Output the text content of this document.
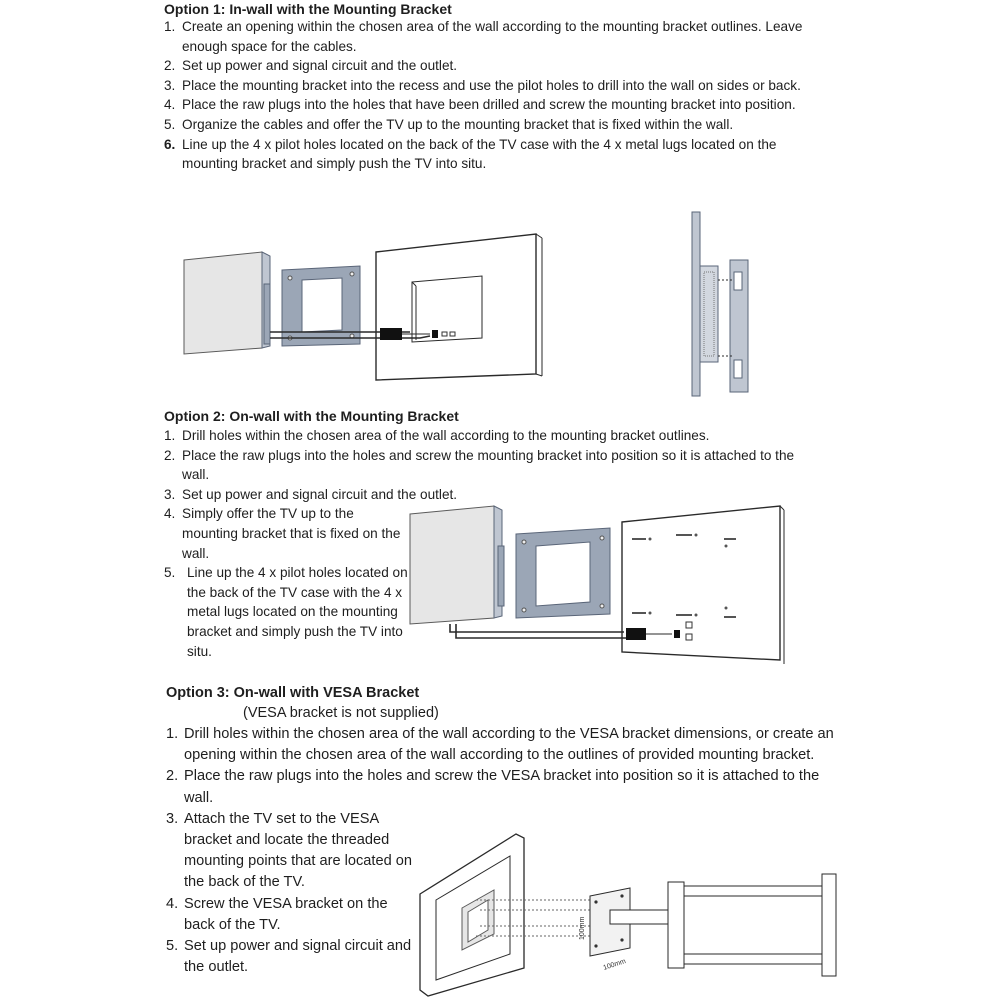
Option 1: In-wall with the Mounting Bracket
1. Create an opening within the chosen area of the wall according to the mounting bracket outlines. Leave enough space for the cables.
2. Set up power and signal circuit and the outlet.
3. Place the mounting bracket into the recess and use the pilot holes to drill into the wall on sides or back.
4. Place the raw plugs into the holes that have been drilled and screw the mounting bracket into position.
5. Organize the cables and offer the TV up to the mounting bracket that is fixed within the wall.
6. Line up the 4 x pilot holes located on the back of the TV case with the 4 x metal lugs located on the mounting bracket and simply push the TV into situ.
Option 2: On-wall with the Mounting Bracket
1. Drill holes within the chosen area of the wall according to the mounting bracket outlines.
2. Place the raw plugs into the holes and screw the mounting bracket into position so it is attached to the wall.
3. Set up power and signal circuit and the outlet.
4. Simply offer the TV up to the mounting bracket that is fixed on the wall.
5. Line up the 4 x pilot holes located on the back of the TV case with the 4 x metal lugs located on the mounting bracket and simply push the TV into situ.
Option 3: On-wall with VESA Bracket
(VESA bracket is not supplied)
1. Drill holes within the chosen area of the wall according to the VESA bracket dimensions, or create an opening within the chosen area of the wall according to the outlines of provided mounting bracket.
2. Place the raw plugs into the holes and screw the VESA bracket into position so it is attached to the wall.
3. Attach the TV set to the VESA bracket and locate the threaded mounting points that are located on the back of the TV.
4. Screw the VESA bracket on the back of the TV.
5. Set up power and signal circuit and the outlet.
100mm
100mm
